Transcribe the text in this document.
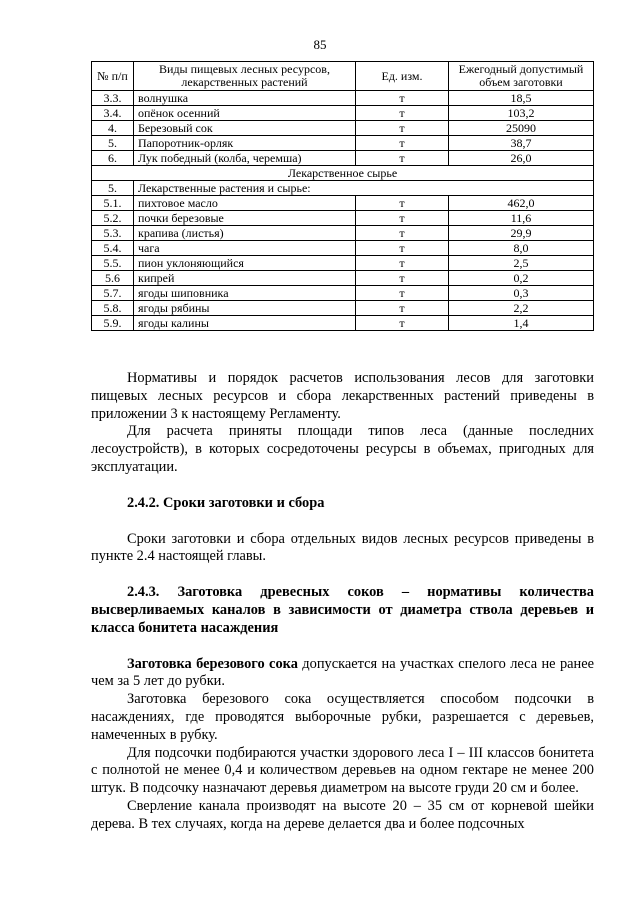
85
№ п/п	Виды пищевых лесных ресурсов, лекарственных растений	Ед. изм.	Ежегодный допустимый объем заготовки
3.3.	волнушка	т	18,5
3.4.	опёнок осенний	т	103,2
4.	Березовый сок	т	25090
5.	Папоротник-орляк	т	38,7
6.	Лук победный (колба, черемша)	т	26,0
Лекарственное сырье			
5.	Лекарственные растения и сырье:		
5.1.	пихтовое масло	т	462,0
5.2.	почки березовые	т	11,6
5.3.	крапива (листья)	т	29,9
5.4.	чага	т	8,0
5.5.	пион уклоняющийся	т	2,5
5.6	кипрей	т	0,2
5.7.	ягоды шиповника	т	0,3
5.8.	ягоды рябины	т	2,2
5.9.	ягоды калины	т	1,4

Нормативы и порядок расчетов использования лесов для заготовки пищевых лесных ресурсов и сбора лекарственных растений приведены в приложении 3 к настоящему Регламенту.

Для расчета приняты площади типов леса (данные последних лесоустройств), в которых сосредоточены ресурсы в объемах, пригодных для эксплуатации.

2.4.2. Сроки заготовки и сбора

Сроки заготовки и сбора отдельных видов лесных ресурсов приведены в пункте 2.4 настоящей главы.

2.4.3. Заготовка древесных соков – нормативы количества высверливаемых каналов в зависимости от диаметра ствола деревьев и класса бонитета насаждения

Заготовка березового сока допускается на участках спелого леса не ранее чем за 5 лет до рубки.

Заготовка березового сока осуществляется способом подсочки в насаждениях, где проводятся выборочные рубки, разрешается с деревьев, намеченных в рубку.

Для подсочки подбираются участки здорового леса I – III классов бонитета с полнотой не менее 0,4 и количеством деревьев на одном гектаре не менее 200 штук. В подсочку назначают деревья диаметром на высоте груди 20 см и более.

Сверление канала производят на высоте 20 – 35 см от корневой шейки дерева. В тех случаях, когда на дереве делается два и более подсочных
